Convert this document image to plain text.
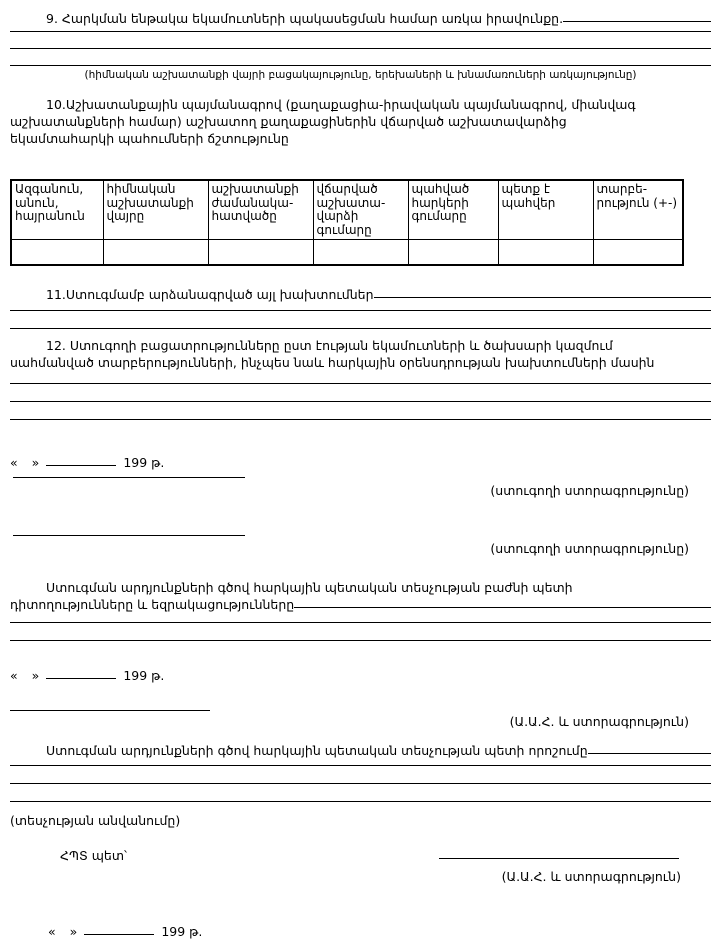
9. Հարկման ենթակա եկամուտների պակասեցման համար առկա իրավունքը.
(հիմնական աշխատանքի վայրի բացակայությունը, երեխաների և խնամառուների առկայությունը)
10.Աշխատանքային պայմանագրով (քաղաքացիա-իրավական պայմանագրով, միանվագ
աշխատանքների համար) աշխատող քաղաքացիներին վճարված աշխատավարձից
եկամտահարկի պահումների ճշտությունը
Ազգանուն, անուն, հայրանուն	հիմնական աշխատանքի վայրը	աշխատանքի ժամանակա-հատվածը	վճարված աշխատա-վարձի գումարը	պահված հարկերի գումարը	պետք է պահվեր	տարբե-րություն (+-)

11.Ստուգմամբ արձանագրված այլ խախտումներ
12. Ստուգողի բացատրությունները ըստ էության եկամուտների և ծախսարի կազմում
սահմանված տարբերությունների, ինչպես նաև հարկային օրենսդրության խախտումների մասին
« »	199 թ.
(ստուգողի ստորագրությունը)
(ստուգողի ստորագրությունը)
Ստուգման արդյունքների գծով հարկային պետական տեսչության բաժնի պետի
դիտողությունները և եզրակացությունները
« »	199 թ.
(Ա.Ա.Հ. և ստորագրություն)
Ստուգման արդյունքների գծով հարկային պետական տեսչության պետի որոշումը
(տեսչության անվանումը)
ՀՊՏ պետ՝
(Ա.Ա.Հ. և ստորագրություն)
« »	199 թ.
